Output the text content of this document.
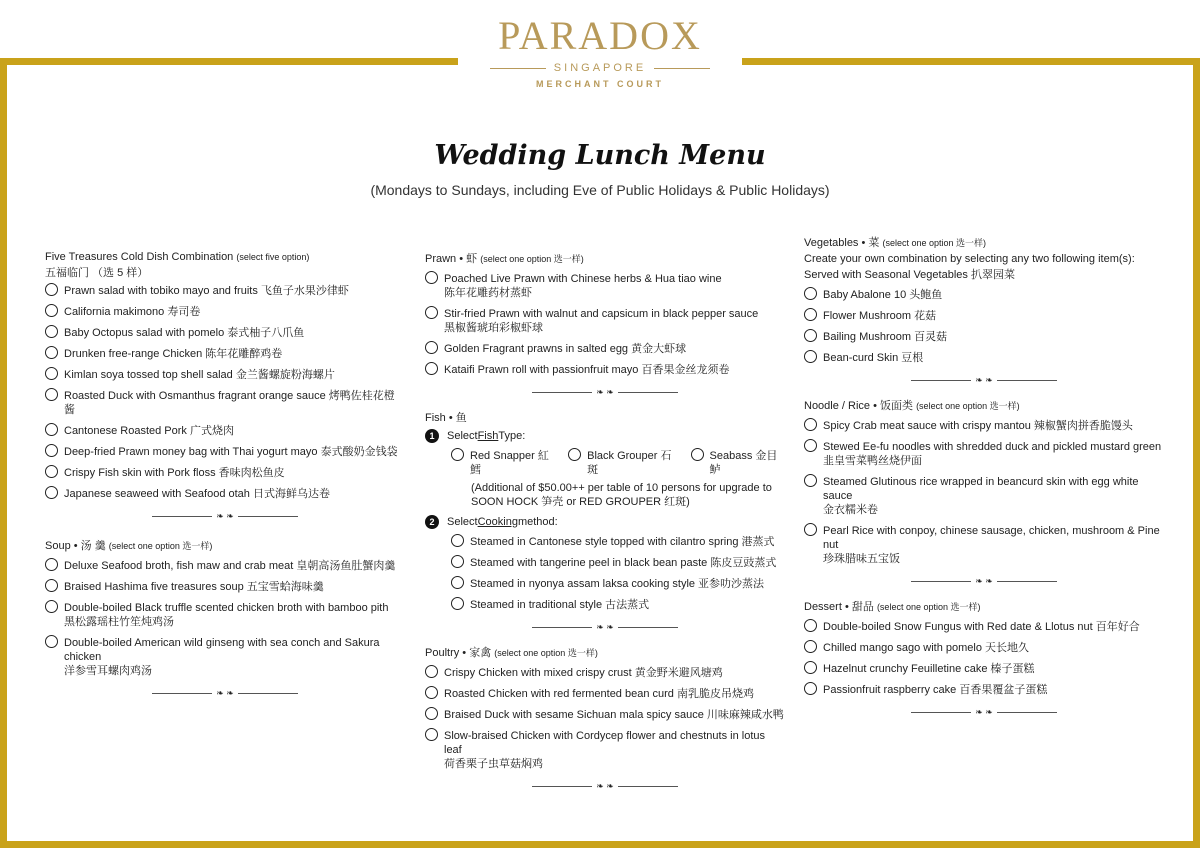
PARADOX
SINGAPORE
MERCHANT COURT
Wedding Lunch Menu
(Mondays to Sundays, including Eve of Public Holidays & Public Holidays)
Five Treasures Cold Dish Combination (select five option)
五福临门 （选 5 样）
Prawn salad with tobiko mayo and fruits 飞鱼子水果沙律虾
California makimono 寿司卷
Baby Octopus salad with pomelo 泰式柚子八爪鱼
Drunken free-range Chicken 陈年花雕醉鸡卷
Kimlan soya tossed top shell salad 金兰酱螺旋粉海螺片
Roasted Duck with Osmanthus fragrant orange sauce 烤鸭佐桂花橙酱
Cantonese Roasted Pork 广式烧肉
Deep-fried Prawn money bag with Thai yogurt mayo 泰式酸奶金钱袋
Crispy Fish skin with Pork floss 香味肉松鱼皮
Japanese seaweed with Seafood otah 日式海鲜乌达卷
❧ ❧
Soup • 汤 羹 (select one option 选一样)
Deluxe Seafood broth, fish maw and crab meat 皇朝高汤鱼肚蟹肉羹
Braised Hashima five treasures soup 五宝雪蛤海味羹
Double-boiled Black truffle scented chicken broth with bamboo pith
黑松露瑶柱竹笙炖鸡汤
Double-boiled American wild ginseng with sea conch and Sakura chicken
洋参雪耳螺肉鸡汤
❧ ❧
Prawn • 虾 (select one option 选一样)
Poached Live Prawn with Chinese herbs & Hua tiao wine
陈年花雕药材蒸虾
Stir-fried Prawn with walnut and capsicum in black pepper sauce
黑椒酱琥珀彩椒虾球
Golden Fragrant prawns in salted egg 黄金大虾球
Kataifi Prawn roll with passionfruit mayo 百香果金丝龙须卷
❧ ❧
Fish • 鱼
1	Select Fish Type:
Red Snapper 紅鱈
Black Grouper 石斑
Seabass 金目鲈
(Additional of $50.00++ per table of 10 persons for upgrade to
SOON HOCK 笋壳 or RED GROUPER 红斑)
2	Select Cooking method:
Steamed in Cantonese style topped with cilantro spring 港蒸式
Steamed with tangerine peel in black bean paste 陈皮豆豉蒸式
Steamed in nyonya assam laksa cooking style 亚参叻沙蒸法
Steamed in traditional style 古法蒸式
❧ ❧
Poultry • 家禽 (select one option 选一样)
Crispy Chicken with mixed crispy crust 黄金野米避风塘鸡
Roasted Chicken with red fermented bean curd 南乳脆皮吊烧鸡
Braised Duck with sesame Sichuan mala spicy sauce 川味麻辣咸水鸭
Slow-braised Chicken with Cordycep flower and chestnuts in lotus leaf
荷香栗子虫草菇焖鸡
❧ ❧
Vegetables • 菜 (select one option 选一样)
Create your own combination by selecting any two following item(s):
Served with Seasonal Vegetables 扒翠园菜
Baby Abalone 10 头鲍鱼
Flower Mushroom 花菇
Bailing Mushroom 百灵菇
Bean-curd Skin 豆根
❧ ❧
Noodle / Rice • 饭面类 (select one option 选一样)
Spicy Crab meat sauce with crispy mantou 辣椒蟹肉拼香脆馒头
Stewed Ee-fu noodles with shredded duck and pickled mustard green
韭皇雪菜鸭丝烧伊面
Steamed Glutinous rice wrapped in beancurd skin with egg white sauce
金衣糯米卷
Pearl Rice with conpoy, chinese sausage, chicken, mushroom & Pine nut
珍珠腊味五宝饭
❧ ❧
Dessert • 甜品 (select one option 选一样)
Double-boiled Snow Fungus with Red date & Llotus nut 百年好合
Chilled mango sago with pomelo 天长地久
Hazelnut crunchy Feuilletine cake 榛子蛋糕
Passionfruit raspberry cake 百香果覆盆子蛋糕
❧ ❧
